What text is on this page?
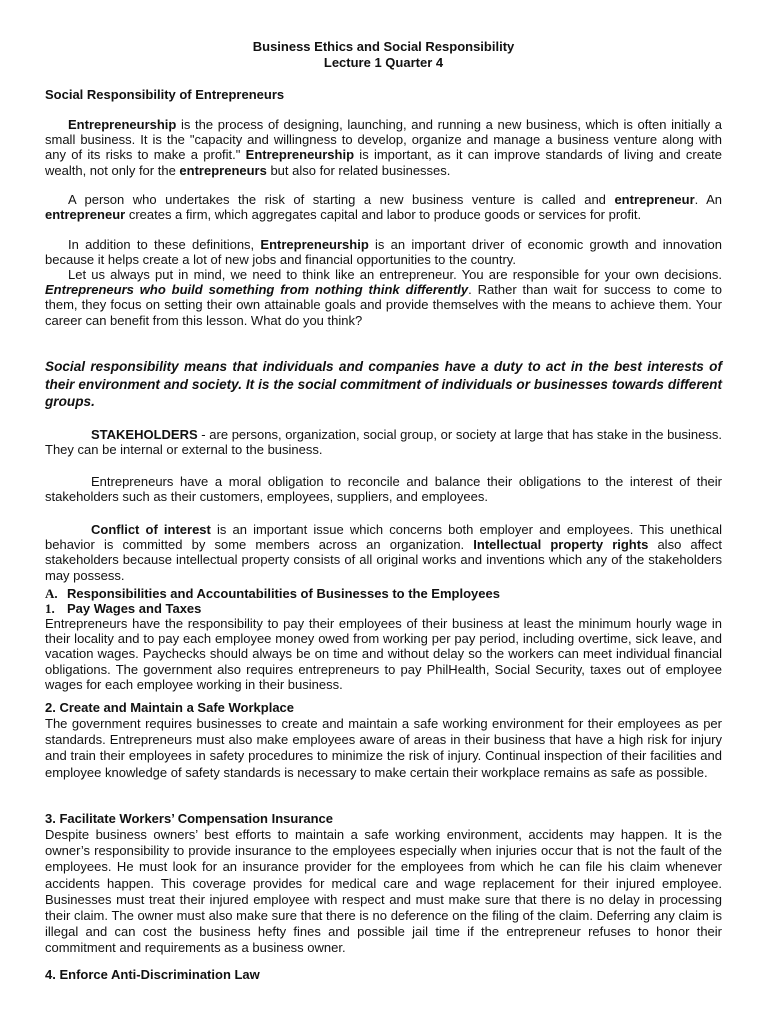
Business Ethics and Social Responsibility
Lecture 1 Quarter 4
Social Responsibility of Entrepreneurs
Entrepreneurship is the process of designing, launching, and running a new business, which is often initially a small business. It is the "capacity and willingness to develop, organize and manage a business venture along with any of its risks to make a profit." Entrepreneurship is important, as it can improve standards of living and create wealth, not only for the entrepreneurs but also for related businesses.
A person who undertakes the risk of starting a new business venture is called and entrepreneur. An entrepreneur creates a firm, which aggregates capital and labor to produce goods or services for profit.
In addition to these definitions, Entrepreneurship is an important driver of economic growth and innovation because it helps create a lot of new jobs and financial opportunities to the country.
Let us always put in mind, we need to think like an entrepreneur. You are responsible for your own decisions. Entrepreneurs who build something from nothing think differently. Rather than wait for success to come to them, they focus on setting their own attainable goals and provide themselves with the means to achieve them. Your career can benefit from this lesson. What do you think?
Social responsibility means that individuals and companies have a duty to act in the best interests of their environment and society. It is the social commitment of individuals or businesses towards different groups.
STAKEHOLDERS - are persons, organization, social group, or society at large that has stake in the business. They can be internal or external to the business.
Entrepreneurs have a moral obligation to reconcile and balance their obligations to the interest of their stakeholders such as their customers, employees, suppliers, and employees.
Conflict of interest is an important issue which concerns both employer and employees. This unethical behavior is committed by some members across an organization. Intellectual property rights also affect stakeholders because intellectual property consists of all original works and inventions which any of the stakeholders may possess.
A. Responsibilities and Accountabilities of Businesses to the Employees
1. Pay Wages and Taxes
Entrepreneurs have the responsibility to pay their employees of their business at least the minimum hourly wage in their locality and to pay each employee money owed from working per pay period, including overtime, sick leave, and vacation wages. Paychecks should always be on time and without delay so the workers can meet individual financial obligations. The government also requires entrepreneurs to pay PhilHealth, Social Security, taxes out of employee wages for each employee working in their business.
2. Create and Maintain a Safe Workplace
The government requires businesses to create and maintain a safe working environment for their employees as per standards. Entrepreneurs must also make employees aware of areas in their business that have a high risk for injury and train their employees in safety procedures to minimize the risk of injury. Continual inspection of their facilities and employee knowledge of safety standards is necessary to make certain their workplace remains as safe as possible.
3. Facilitate Workers’ Compensation Insurance
Despite business owners’ best efforts to maintain a safe working environment, accidents may happen. It is the owner’s responsibility to provide insurance to the employees especially when injuries occur that is not the fault of the employees. He must look for an insurance provider for the employees from which he can file his claim whenever accidents happen. This coverage provides for medical care and wage replacement for their injured employee. Businesses must treat their injured employee with respect and must make sure that there is no delay in processing their claim. The owner must also make sure that there is no deference on the filing of the claim. Deferring any claim is illegal and can cost the business hefty fines and possible jail time if the entrepreneur refuses to honor their commitment and requirements as a business owner.
4. Enforce Anti-Discrimination Law
